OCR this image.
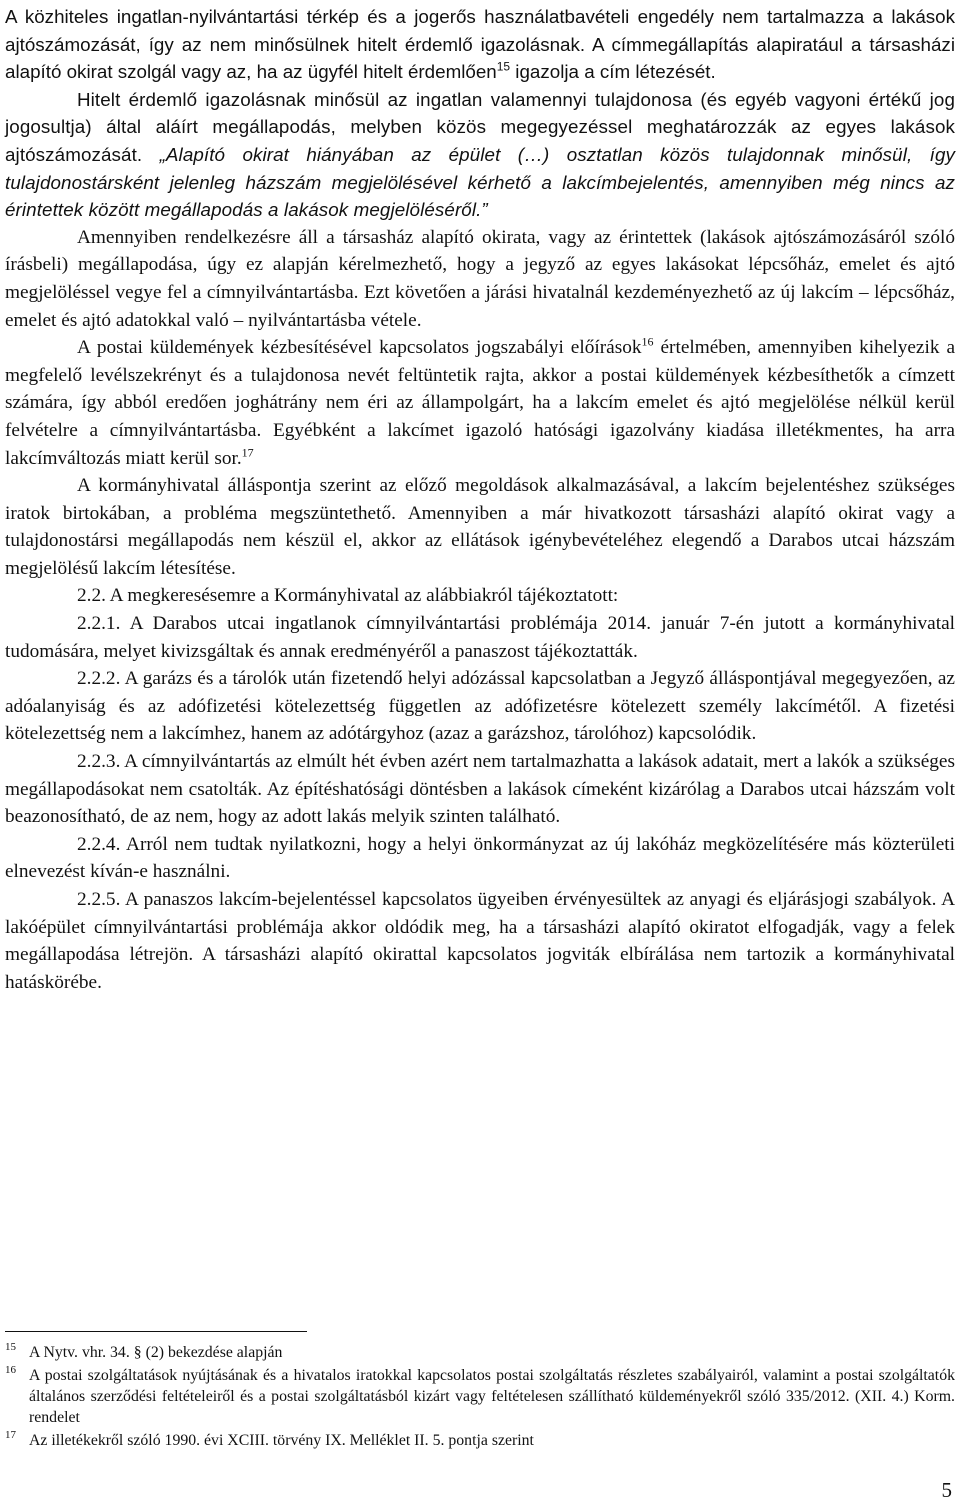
A közhiteles ingatlan-nyilvántartási térkép és a jogerős használatbavételi engedély nem tartalmazza a lakások ajtószámozását, így az nem minősülnek hitelt érdemlő igazolásnak. A címmegállapítás alapiratául a társasházi alapító okirat szolgál vagy az, ha az ügyfél hitelt érdemlően$^{15}$ igazolja a cím létezését.

Hitelt érdemlő igazolásnak minősül az ingatlan valamennyi tulajdonosa (és egyéb vagyoni értékű jog jogosultja) által aláírt megállapodás, melyben közös megegyezéssel meghatározzák az egyes lakások ajtószámozását. „Alapító okirat hiányában az épület (…) osztatlan közös tulajdonnak minősül, így tulajdonostársként jelenleg házszám megjelölésével kérhető a lakcímbejelentés, amennyiben még nincs az érintettek között megállapodás a lakások megjelöléséről.”

Amennyiben rendelkezésre áll a társasház alapító okirata, vagy az érintettek (lakások ajtószámozásáról szóló írásbeli) megállapodása, úgy ez alapján kérelmezhető, hogy a jegyző az egyes lakásokat lépcsőház, emelet és ajtó megjelöléssel vegye fel a címnyilvántartásba. Ezt követően a járási hivatalnál kezdeményezhető az új lakcím – lépcsőház, emelet és ajtó adatokkal való – nyilvántartásba vétele.

A postai küldemények kézbesítésével kapcsolatos jogszabályi előírások$^{16}$ értelmében, amennyiben kihelyezik a megfelelő levélszekrényt és a tulajdonosa nevét feltüntetik rajta, akkor a postai küldemények kézbesíthetők a címzett számára, így abból eredően joghátrány nem éri az állampolgárt, ha a lakcím emelet és ajtó megjelölése nélkül kerül felvételre a címnyilvántartásba. Egyébként a lakcímet igazoló hatósági igazolvány kiadása illetékmentes, ha arra lakcímváltozás miatt kerül sor.$^{17}$

A kormányhivatal álláspontja szerint az előző megoldások alkalmazásával, a lakcím bejelentéshez szükséges iratok birtokában, a probléma megszüntethető. Amennyiben a már hivatkozott társasházi alapító okirat vagy a tulajdonostársi megállapodás nem készül el, akkor az ellátások igénybevételéhez elegendő a Darabos utcai házszám megjelölésű lakcím létesítése.

2.2. A megkeresésemre a Kormányhivatal az alábbiakról tájékoztatott:

2.2.1. A Darabos utcai ingatlanok címnyilvántartási problémája 2014. január 7-én jutott a kormányhivatal tudomására, melyet kivizsgáltak és annak eredményéről a panaszost tájékoztatták.

2.2.2. A garázs és a tárolók után fizetendő helyi adózással kapcsolatban a Jegyző álláspontjával megegyezően, az adóalanyiság és az adófizetési kötelezettség független az adófizetésre kötelezett személy lakcímétől. A fizetési kötelezettség nem a lakcímhez, hanem az adótárgyhoz (azaz a garázshoz, tárolóhoz) kapcsolódik.

2.2.3. A címnyilvántartás az elmúlt hét évben azért nem tartalmazhatta a lakások adatait, mert a lakók a szükséges megállapodásokat nem csatolták. Az építéshatósági döntésben a lakások címeként kizárólag a Darabos utcai házszám volt beazonosítható, de az nem, hogy az adott lakás melyik szinten található.

2.2.4. Arról nem tudtak nyilatkozni, hogy a helyi önkormányzat az új lakóház megközelítésére más közterületi elnevezést kíván-e használni.

2.2.5. A panaszos lakcím-bejelentéssel kapcsolatos ügyeiben érvényesültek az anyagi és eljárásjogi szabályok. A lakóépület címnyilvántartási problémája akkor oldódik meg, ha a társasházi alapító okiratot elfogadják, vagy a felek megállapodása létrejön. A társasházi alapító okirattal kapcsolatos jogviták elbírálása nem tartozik a kormányhivatal hatáskörébe.

15 A Nytv. vhr. 34. § (2) bekezdése alapján
16 A postai szolgáltatások nyújtásának és a hivatalos iratokkal kapcsolatos postai szolgáltatás részletes szabályairól, valamint a postai szolgáltatók általános szerződési feltételeiről és a postai szolgáltatásból kizárt vagy feltételesen szállítható küldeményekről szóló 335/2012. (XII. 4.) Korm. rendelet
17 Az illetékekről szóló 1990. évi XCIII. törvény IX. Melléklet II. 5. pontja szerint
5
